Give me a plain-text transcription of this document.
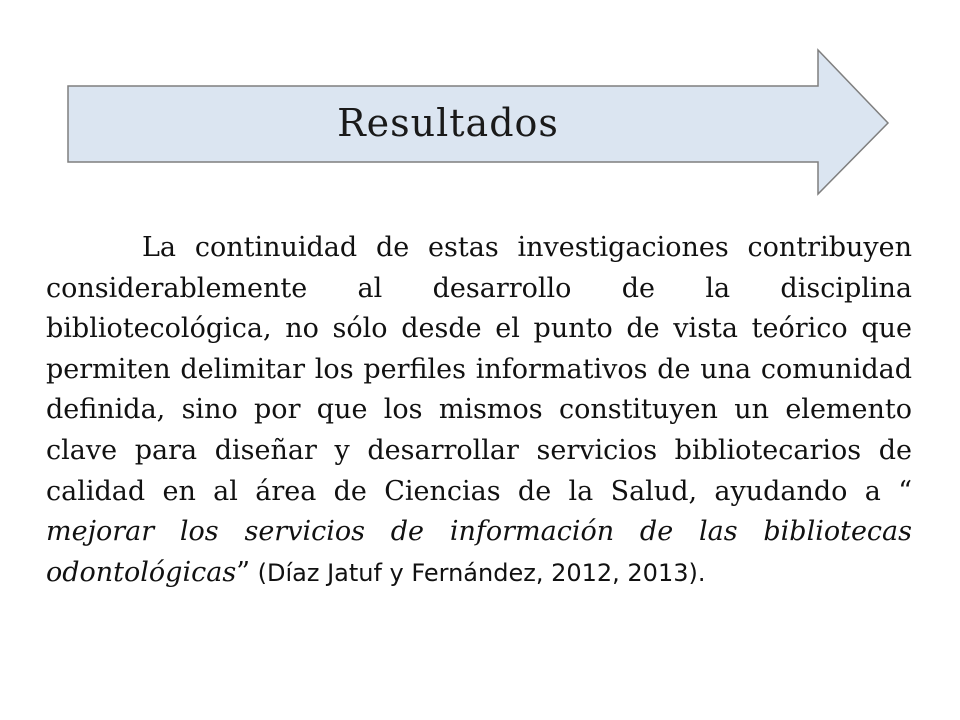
Resultados

La continuidad de estas investigaciones contribuyen considerablemente al desarrollo de la disciplina bibliotecológica, no sólo desde el punto de vista teórico que permiten delimitar los perfiles informativos de una comunidad definida, sino por que los mismos constituyen un elemento clave para diseñar y desarrollar servicios bibliotecarios de calidad en al área de Ciencias de la Salud, ayudando a “ mejorar los servicios de información de las bibliotecas odontológicas” (Díaz Jatuf y Fernández, 2012, 2013).
